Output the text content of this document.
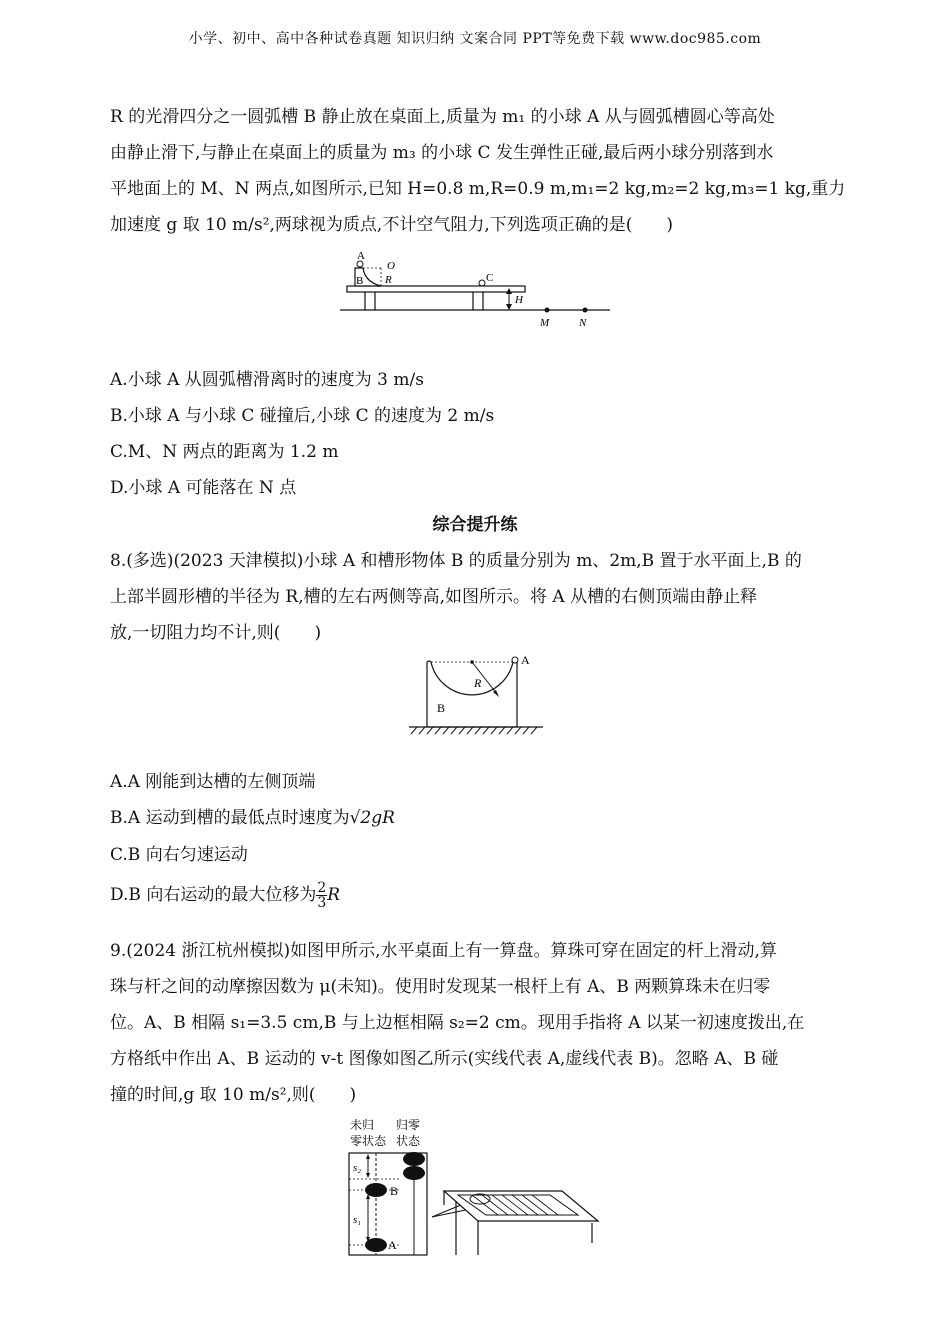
小学、初中、高中各种试卷真题 知识归纳 文案合同 PPT等免费下载 www.doc985.com
R 的光滑四分之一圆弧槽 B 静止放在桌面上,质量为 m₁ 的小球 A 从与圆弧槽圆心等高处
由静止滑下,与静止在桌面上的质量为 m₃ 的小球 C 发生弹性正碰,最后两小球分别落到水
平地面上的 M、N 两点,如图所示,已知 H=0.8 m,R=0.9 m,m₁=2 kg,m₂=2 kg,m₃=1 kg,重力
加速度 g 取 10 m/s²,两球视为质点,不计空气阻力,下列选项正确的是(　　)
A
O
B R	C
H
M	N
A.小球 A 从圆弧槽滑离时的速度为 3 m/s
B.小球 A 与小球 C 碰撞后,小球 C 的速度为 2 m/s
C.M、N 两点的距离为 1.2 m
D.小球 A 可能落在 N 点
综合提升练
8.(多选)(2023 天津模拟)小球 A 和槽形物体 B 的质量分别为 m、2m,B 置于水平面上,B 的
上部半圆形槽的半径为 R,槽的左右两侧等高,如图所示。将 A 从槽的右侧顶端由静止释
放,一切阻力均不计,则(　　)
A
R
B
A.A 刚能到达槽的左侧顶端
B.A 运动到槽的最低点时速度为√2gR
C.B 向右匀速运动
D.B 向右运动的最大位移为 $\frac{2}{3}$ R
9.(2024 浙江杭州模拟)如图甲所示,水平桌面上有一算盘。算珠可穿在固定的杆上滑动,算
珠与杆之间的动摩擦因数为 μ(未知)。使用时发现某一根杆上有 A、B 两颗算珠未在归零
位。A、B 相隔 s₁=3.5 cm,B 与上边框相隔 s₂=2 cm。现用手指将 A 以某一初速度拨出,在
方格纸中作出 A、B 运动的 v-t 图像如图乙所示(实线代表 A,虚线代表 B)。忽略 A、B 碰
撞的时间,g 取 10 m/s²,则(　　)
未归
零状态
归零
状态
s₂
s₁
B
A
